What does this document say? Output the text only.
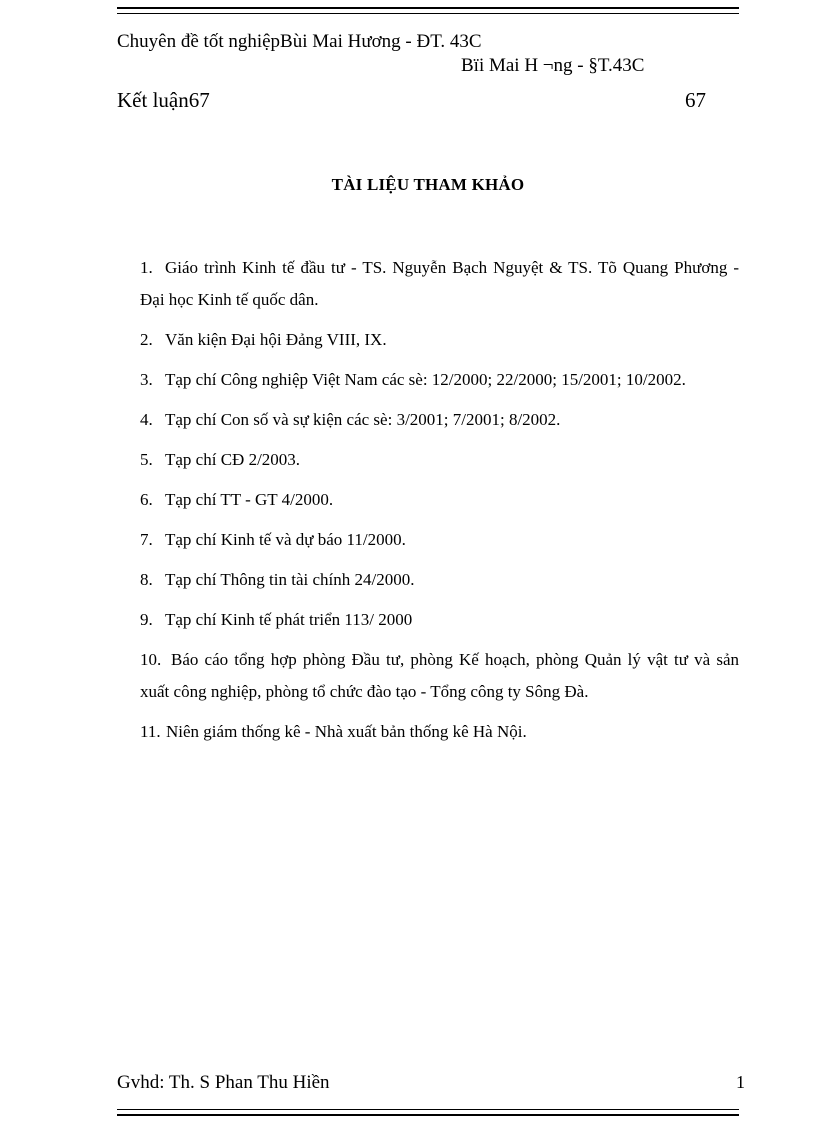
Chuyên đề tốt nghiệpBùi Mai Hương - ĐT. 43C
Bïi Mai H ¬ng - §T.43C
Kết luận67	67
TÀI LIỆU THAM KHẢO
1. Giáo trình Kinh tế đầu tư - TS. Nguyễn Bạch Nguyệt & TS. Tõ Quang Phương - Đại học Kinh tế quốc dân.
2. Văn kiện Đại hội Đảng VIII, IX.
3. Tạp chí Công nghiệp Việt Nam các sè: 12/2000; 22/2000; 15/2001; 10/2002.
4. Tạp chí Con số và sự kiện các sè: 3/2001; 7/2001; 8/2002.
5. Tạp chí CĐ 2/2003.
6. Tạp chí TT - GT 4/2000.
7. Tạp chí Kinh tế và dự báo 11/2000.
8. Tạp chí Thông tin tài chính 24/2000.
9. Tạp chí Kinh tế phát triển 113/ 2000
10. Báo cáo tổng hợp phòng Đầu tư, phòng Kế hoạch, phòng Quản lý vật tư và sản xuất công nghiệp, phòng tổ chức đào tạo - Tổng công ty Sông Đà.
11. Niên giám thống kê - Nhà xuất bản thống kê Hà Nội.
Gvhd: Th. S Phan Thu Hiền	1
